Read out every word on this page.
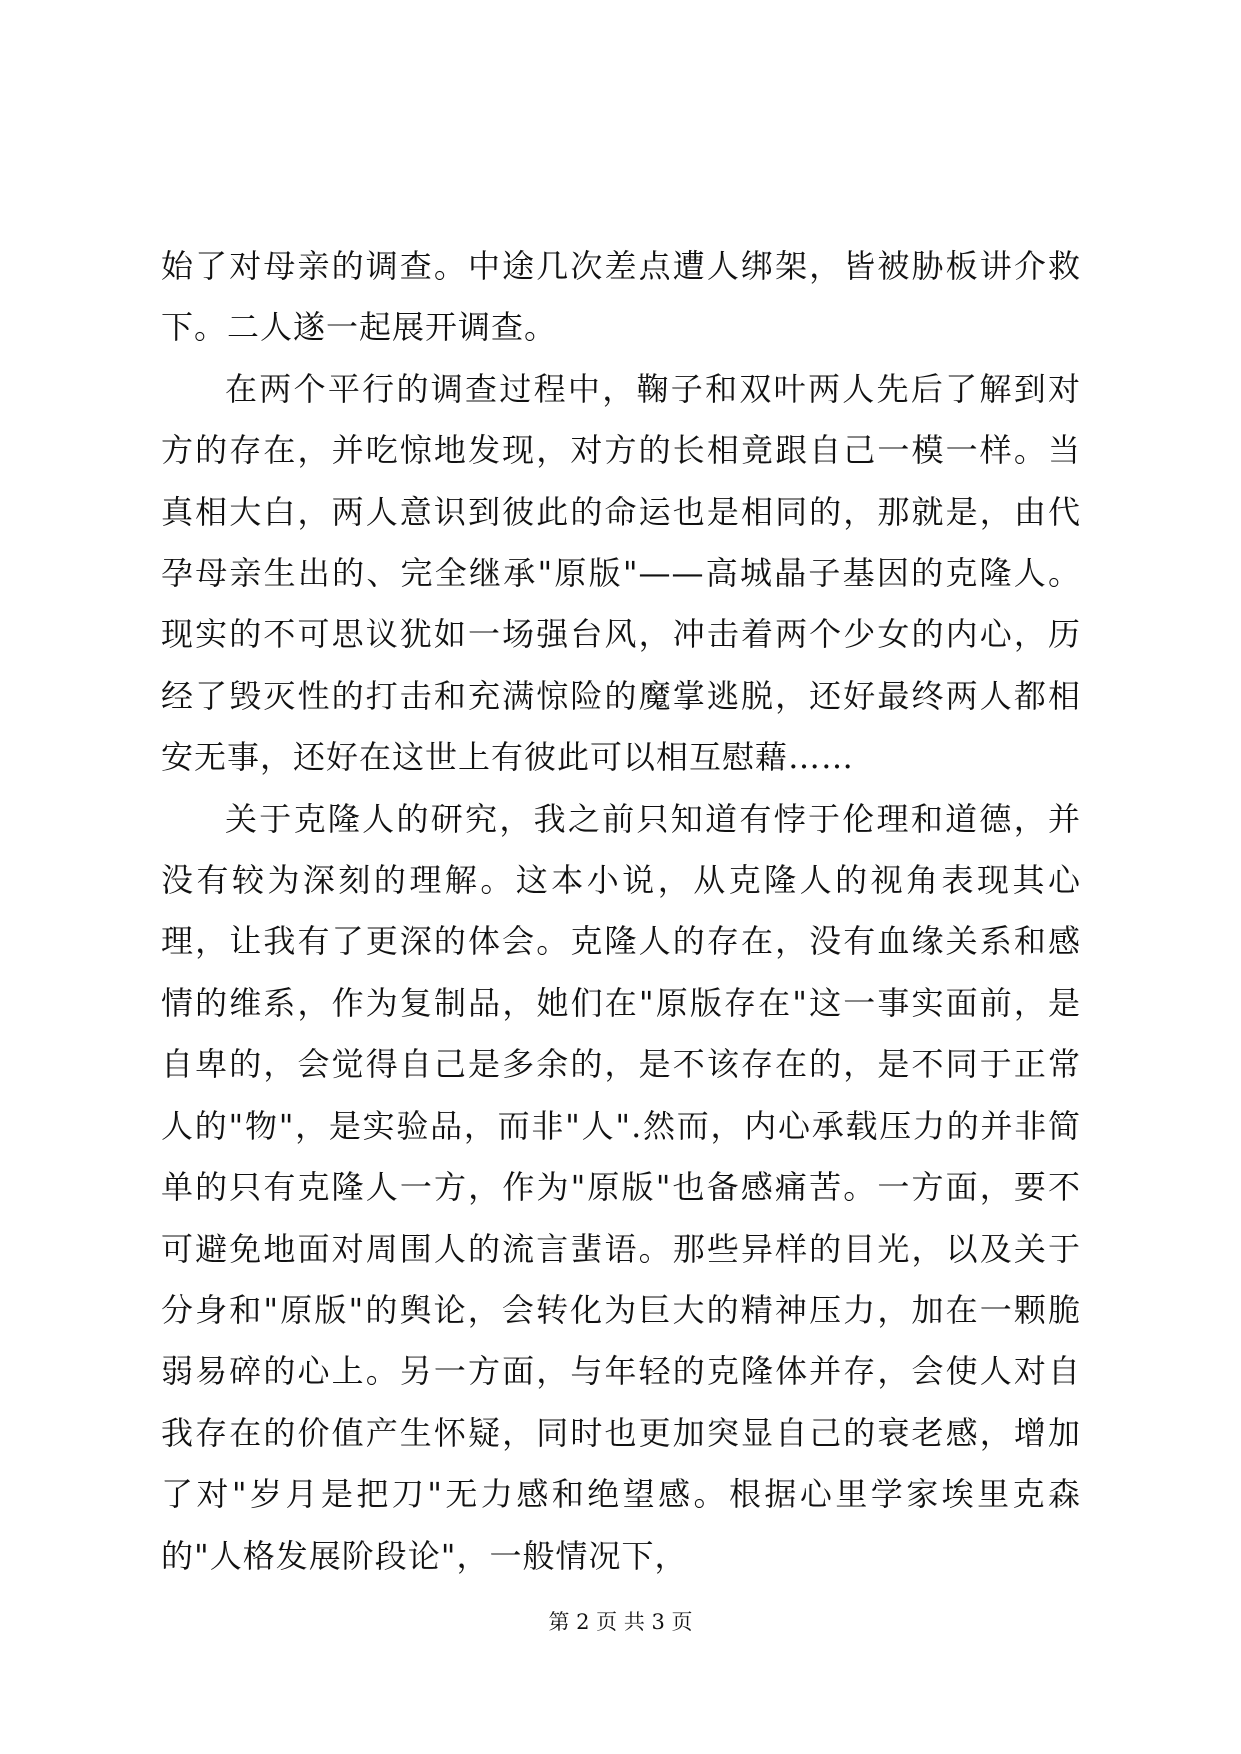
始了对母亲的调查。中途几次差点遭人绑架，皆被胁板讲介救下。二人遂一起展开调查。

在两个平行的调查过程中，鞠子和双叶两人先后了解到对方的存在，并吃惊地发现，对方的长相竟跟自己一模一样。当真相大白，两人意识到彼此的命运也是相同的，那就是，由代孕母亲生出的、完全继承"原版"——高城晶子基因的克隆人。现实的不可思议犹如一场强台风，冲击着两个少女的内心，历经了毁灭性的打击和充满惊险的魔掌逃脱，还好最终两人都相安无事，还好在这世上有彼此可以相互慰藉……

关于克隆人的研究，我之前只知道有悖于伦理和道德，并没有较为深刻的理解。这本小说，从克隆人的视角表现其心理，让我有了更深的体会。克隆人的存在，没有血缘关系和感情的维系，作为复制品，她们在"原版存在"这一事实面前，是自卑的，会觉得自己是多余的，是不该存在的，是不同于正常人的"物"，是实验品，而非"人".然而，内心承载压力的并非简单的只有克隆人一方，作为"原版"也备感痛苦。一方面，要不可避免地面对周围人的流言蜚语。那些异样的目光，以及关于分身和"原版"的舆论，会转化为巨大的精神压力，加在一颗脆弱易碎的心上。另一方面，与年轻的克隆体并存，会使人对自我存在的价值产生怀疑，同时也更加突显自己的衰老感，增加了对"岁月是把刀"无力感和绝望感。根据心里学家埃里克森的"人格发展阶段论"，一般情况下，

第 2 页 共 3 页
